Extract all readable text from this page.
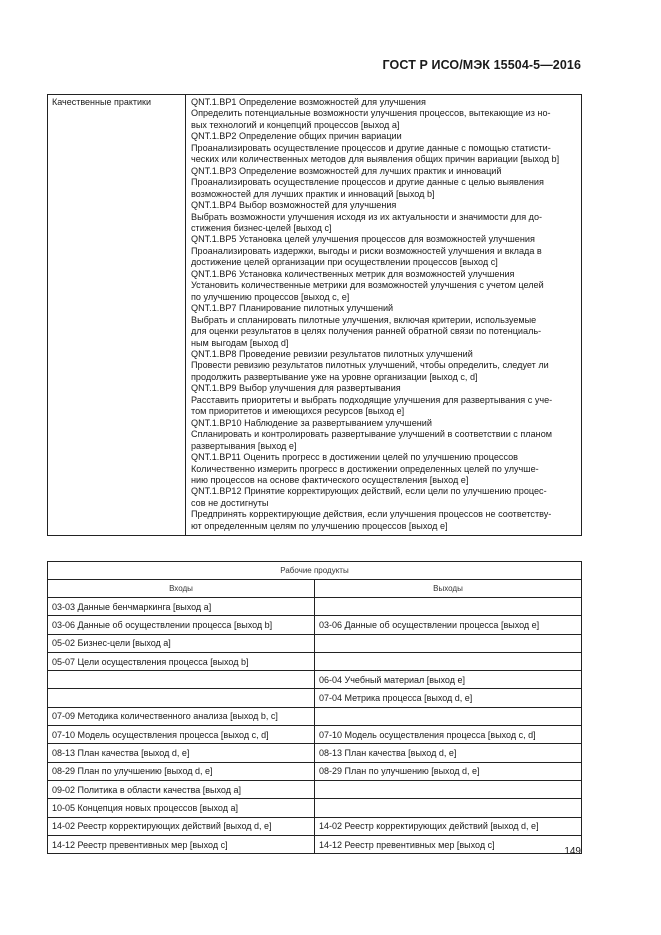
ГОСТ Р ИСО/МЭК 15504-5—2016
Качественные практики	QNT.1.BP1 Определение возможностей для улучшения
Определить потенциальные возможности улучшения процессов, вытекающие из но-
вых технологий и концепций процессов [выход a]
QNT.1.BP2 Определение общих причин вариации
Проанализировать осуществление процессов и другие данные с помощью статисти-
ческих или количественных методов для выявления общих причин вариации [выход b]
QNT.1.BP3 Определение возможностей для лучших практик и инноваций
Проанализировать осуществление процессов и другие данные с целью выявления
возможностей для лучших практик и инноваций [выход b]
QNT.1.BP4 Выбор возможностей для улучшения
Выбрать возможности улучшения исходя из их актуальности и значимости для до-
стижения бизнес-целей [выход c]
QNT.1.BP5 Установка целей улучшения процессов для возможностей улучшения
Проанализировать издержки, выгоды и риски возможностей улучшения и вклада в
достижение целей организации при осуществлении процессов [выход c]
QNT.1.BP6 Установка количественных метрик для возможностей улучшения
Установить количественные метрики для возможностей улучшения с учетом целей
по улучшению процессов [выход c, e]
QNT.1.BP7 Планирование пилотных улучшений
Выбрать и спланировать пилотные улучшения, включая критерии, используемые
для оценки результатов в целях получения ранней обратной связи по потенциаль-
ным выгодам [выход d]
QNT.1.BP8 Проведение ревизии результатов пилотных улучшений
Провести ревизию результатов пилотных улучшений, чтобы определить, следует ли
продолжить развертывание уже на уровне организации [выход c, d]
QNT.1.BP9 Выбор улучшения для развертывания
Расставить приоритеты и выбрать подходящие улучшения для развертывания с уче-
том приоритетов и имеющихся ресурсов [выход e]
QNT.1.BP10 Наблюдение за развертыванием улучшений
Спланировать и контролировать развертывание улучшений в соответствии с планом
развертывания [выход e]
QNT.1.BP11 Оценить прогресс в достижении целей по улучшению процессов
Количественно измерить прогресс в достижении определенных целей по улучше-
нию процессов на основе фактического осуществления [выход e]
QNT.1.BP12 Принятие корректирующих действий, если цели по улучшению процес-
сов не достигнуты
Предпринять корректирующие действия, если улучшения процессов не соответству-
ют определенным целям по улучшению процессов [выход e]
Рабочие продукты	
Входы	Выходы
03-03 Данные бенчмаркинга [выход a]	
03-06 Данные об осуществлении процесса [выход b]	03-06 Данные об осуществлении процесса [выход e]
05-02 Бизнес-цели [выход a]	
05-07 Цели осуществления процесса [выход b]	
	06-04 Учебный материал [выход e]
	07-04 Метрика процесса [выход d, e]
07-09 Методика количественного анализа [выход b, c]	
07-10 Модель осуществления процесса [выход c, d]	07-10 Модель осуществления процесса [выход c, d]
08-13 План качества [выход d, e]	08-13 План качества [выход d, e]
08-29 План по улучшению [выход d, e]	08-29 План по улучшению [выход d, e]
09-02 Политика в области качества [выход a]	
10-05 Концепция новых процессов [выход a]	
14-02 Реестр корректирующих действий [выход d, e]	14-02 Реестр корректирующих действий [выход d, e]
14-12 Реестр превентивных мер [выход c]	14-12 Реестр превентивных мер [выход c]
149
